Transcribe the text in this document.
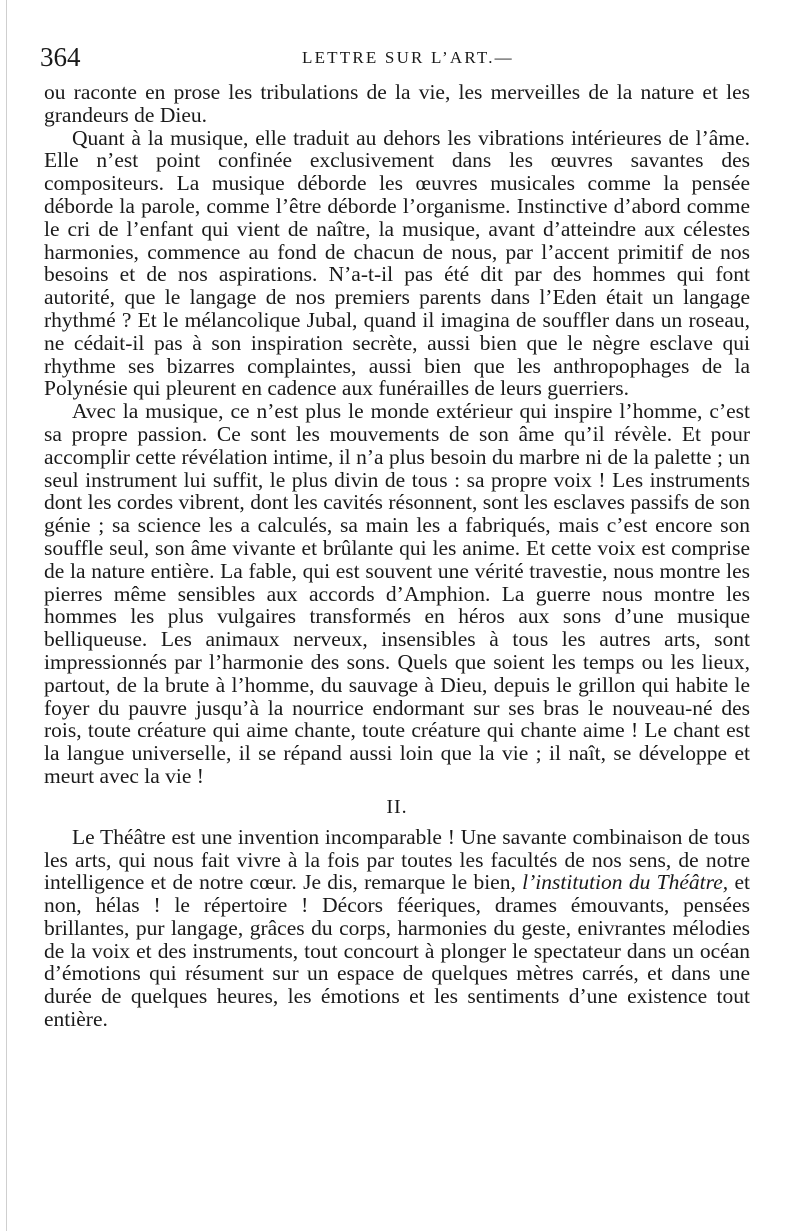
364	LETTRE SUR L’ART.—

ou raconte en prose les tribulations de la vie, les merveilles de la nature et les grandeurs de Dieu.

Quant à la musique, elle traduit au dehors les vibrations intérieures de l’âme. Elle n’est point confinée exclusivement dans les œuvres savantes des compositeurs. La musique déborde les œuvres musicales comme la pensée déborde la parole, comme l’être déborde l’organisme. Instinctive d’abord comme le cri de l’enfant qui vient de naître, la musique, avant d’atteindre aux célestes harmonies, commence au fond de chacun de nous, par l’accent primitif de nos besoins et de nos aspirations. N’a-t-il pas été dit par des hommes qui font autorité, que le langage de nos premiers parents dans l’Eden était un langage rhythmé ? Et le mélancolique Jubal, quand il imagina de souffler dans un roseau, ne cédait-il pas à son inspiration secrète, aussi bien que le nègre esclave qui rhythme ses bizarres complaintes, aussi bien que les anthropophages de la Polynésie qui pleurent en cadence aux funérailles de leurs guerriers.

Avec la musique, ce n’est plus le monde extérieur qui inspire l’homme, c’est sa propre passion. Ce sont les mouvements de son âme qu’il révèle. Et pour accomplir cette révélation intime, il n’a plus besoin du marbre ni de la palette ; un seul instrument lui suffit, le plus divin de tous : sa propre voix ! Les instruments dont les cordes vibrent, dont les cavités résonnent, sont les esclaves passifs de son génie ; sa science les a calculés, sa main les a fabriqués, mais c’est encore son souffle seul, son âme vivante et brûlante qui les anime. Et cette voix est comprise de la nature entière. La fable, qui est souvent une vérité travestie, nous montre les pierres même sensibles aux accords d’Amphion. La guerre nous montre les hommes les plus vulgaires transformés en héros aux sons d’une musique belliqueuse. Les animaux nerveux, insensibles à tous les autres arts, sont impressionnés par l’harmonie des sons. Quels que soient les temps ou les lieux, partout, de la brute à l’homme, du sauvage à Dieu, depuis le grillon qui habite le foyer du pauvre jusqu’à la nourrice endormant sur ses bras le nouveau-né des rois, toute créature qui aime chante, toute créature qui chante aime ! Le chant est la langue universelle, il se répand aussi loin que la vie ; il naît, se développe et meurt avec la vie !

II.

Le Théâtre est une invention incomparable ! Une savante combinaison de tous les arts, qui nous fait vivre à la fois par toutes les facultés de nos sens, de notre intelligence et de notre cœur. Je dis, remarque le bien, l’institution du Théâtre, et non, hélas ! le répertoire ! Décors féeriques, drames émouvants, pensées brillantes, pur langage, grâces du corps, harmonies du geste, enivrantes mélodies de la voix et des instruments, tout concourt à plonger le spectateur dans un océan d’émotions qui résument sur un espace de quelques mètres carrés, et dans une durée de quelques heures, les émotions et les sentiments d’une existence tout entière.
